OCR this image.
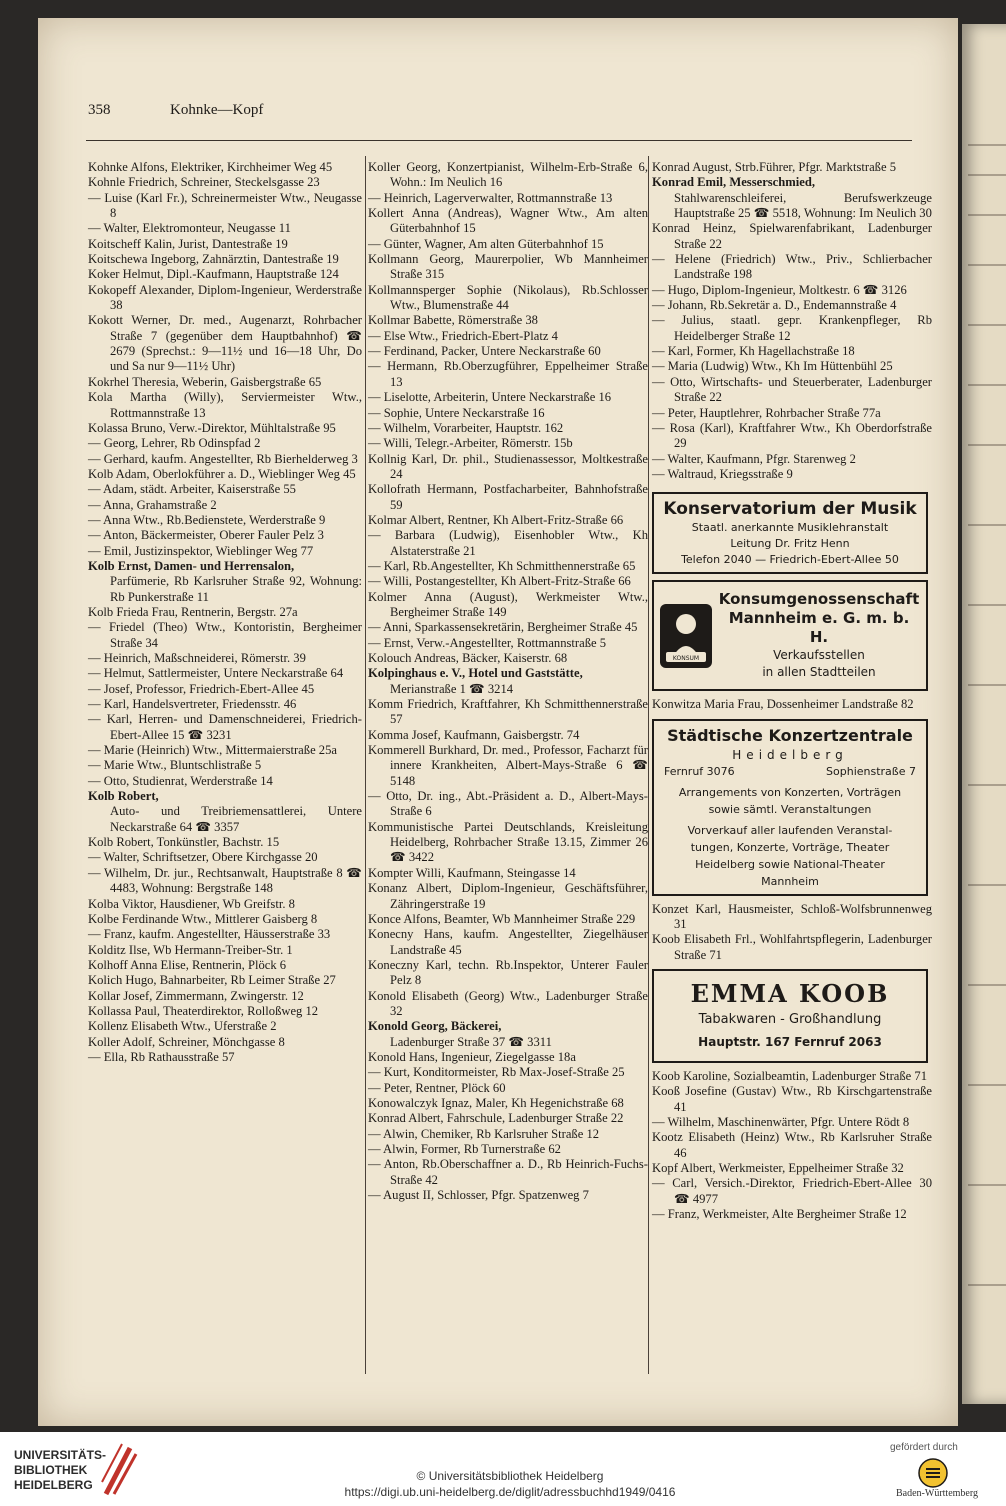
358	Kohnke—Kopf
Kohnke Alfons, Elektriker, Kirchheimer Weg 45
Kohnle Friedrich, Schreiner, Steckelsgasse 23
— Luise (Karl Fr.), Schreinermeister Wtw., Neugasse 8
— Walter, Elektromonteur, Neugasse 11
Koitscheff Kalin, Jurist, Dantestraße 19
Koitschewa Ingeborg, Zahnärztin, Dantestraße 19
Koker Helmut, Dipl.-Kaufmann, Hauptstraße 124
Kokopeff Alexander, Diplom-Ingenieur, Werderstraße 38
Kokott Werner, Dr. med., Augenarzt, Rohrbacher Straße 7 (gegenüber dem Hauptbahnhof) ☎ 2679 (Sprechst.: 9—11½ und 16—18 Uhr, Do und Sa nur 9—11½ Uhr)
Kokrhel Theresia, Weberin, Gaisbergstraße 65
Kola Martha (Willy), Serviermeister Wtw., Rottmannstraße 13
Kolassa Bruno, Verw.-Direktor, Mühltalstraße 95
— Georg, Lehrer, Rb Odinspfad 2
— Gerhard, kaufm. Angestellter, Rb Bierhelderweg 3
Kolb Adam, Oberlokführer a. D., Wieblinger Weg 45
— Adam, städt. Arbeiter, Kaiserstraße 55
— Anna, Grahamstraße 2
— Anna Wtw., Rb.Bedienstete, Werderstraße 9
— Anton, Bäckermeister, Oberer Fauler Pelz 3
— Emil, Justizinspektor, Wieblinger Weg 77
Kolb Ernst, Damen- und Herrensalon,
Parfümerie, Rb Karlsruher Straße 92, Wohnung: Rb Punkerstraße 11
Kolb Frieda Frau, Rentnerin, Bergstr. 27a
— Friedel (Theo) Wtw., Kontoristin, Bergheimer Straße 34
— Heinrich, Maßschneiderei, Römerstr. 39
— Helmut, Sattlermeister, Untere Neckarstraße 64
— Josef, Professor, Friedrich-Ebert-Allee 45
— Karl, Handelsvertreter, Friedensstr. 46
— Karl, Herren- und Damenschneiderei, Friedrich-Ebert-Allee 15 ☎ 3231
— Marie (Heinrich) Wtw., Mittermaierstraße 25a
— Marie Wtw., Bluntschlistraße 5
— Otto, Studienrat, Werderstraße 14
Kolb Robert,
Auto- und Treibriemensattlerei, Untere Neckarstraße 64 ☎ 3357
Kolb Robert, Tonkünstler, Bachstr. 15
— Walter, Schriftsetzer, Obere Kirchgasse 20
— Wilhelm, Dr. jur., Rechtsanwalt, Hauptstraße 8 ☎ 4483, Wohnung: Bergstraße 148
Kolba Viktor, Hausdiener, Wb Greifstr. 8
Kolbe Ferdinande Wtw., Mittlerer Gaisberg 8
— Franz, kaufm. Angestellter, Häusserstraße 33
Kolditz Ilse, Wb Hermann-Treiber-Str. 1
Kolhoff Anna Elise, Rentnerin, Plöck 6
Kolich Hugo, Bahnarbeiter, Rb Leimer Straße 27
Kollar Josef, Zimmermann, Zwingerstr. 12
Kollassa Paul, Theaterdirektor, Rolloßweg 12
Kollenz Elisabeth Wtw., Uferstraße 2
Koller Adolf, Schreiner, Mönchgasse 8
— Ella, Rb Rathausstraße 57
Koller Georg, Konzertpianist, Wilhelm-Erb-Straße 6, Wohn.: Im Neulich 16
— Heinrich, Lagerverwalter, Rottmannstraße 13
Kollert Anna (Andreas), Wagner Wtw., Am alten Güterbahnhof 15
— Günter, Wagner, Am alten Güterbahnhof 15
Kollmann Georg, Maurerpolier, Wb Mannheimer Straße 315
Kollmannsperger Sophie (Nikolaus), Rb.Schlosser Wtw., Blumenstraße 44
Kollmar Babette, Römerstraße 38
— Else Wtw., Friedrich-Ebert-Platz 4
— Ferdinand, Packer, Untere Neckarstraße 60
— Hermann, Rb.Oberzugführer, Eppelheimer Straße 13
— Liselotte, Arbeiterin, Untere Neckarstraße 16
— Sophie, Untere Neckarstraße 16
— Wilhelm, Vorarbeiter, Hauptstr. 162
— Willi, Telegr.-Arbeiter, Römerstr. 15b
Kollnig Karl, Dr. phil., Studienassessor, Moltkestraße 24
Kollofrath Hermann, Postfacharbeiter, Bahnhofstraße 59
Kolmar Albert, Rentner, Kh Albert-Fritz-Straße 66
— Barbara (Ludwig), Eisenhobler Wtw., Kh Alstaterstraße 21
— Karl, Rb.Angestellter, Kh Schmitthennerstraße 65
— Willi, Postangestellter, Kh Albert-Fritz-Straße 66
Kolmer Anna (August), Werkmeister Wtw., Bergheimer Straße 149
— Anni, Sparkassensekretärin, Bergheimer Straße 45
— Ernst, Verw.-Angestellter, Rottmannstraße 5
Kolouch Andreas, Bäcker, Kaiserstr. 68
Kolpinghaus e. V., Hotel und Gaststätte,
Merianstraße 1 ☎ 3214
Komm Friedrich, Kraftfahrer, Kh Schmitthennerstraße 57
Komma Josef, Kaufmann, Gaisbergstr. 74
Kommerell Burkhard, Dr. med., Professor, Facharzt für innere Krankheiten, Albert-Mays-Straße 6 ☎ 5148
— Otto, Dr. ing., Abt.-Präsident a. D., Albert-Mays-Straße 6
Kommunistische Partei Deutschlands, Kreisleitung Heidelberg, Rohrbacher Straße 13.15, Zimmer 26 ☎ 3422
Kompter Willi, Kaufmann, Steingasse 14
Konanz Albert, Diplom-Ingenieur, Geschäftsführer, Zähringerstraße 19
Konce Alfons, Beamter, Wb Mannheimer Straße 229
Konecny Hans, kaufm. Angestellter, Ziegelhäuser Landstraße 45
Koneczny Karl, techn. Rb.Inspektor, Unterer Fauler Pelz 8
Konold Elisabeth (Georg) Wtw., Ladenburger Straße 32
Konold Georg, Bäckerei,
Ladenburger Straße 37 ☎ 3311
Konold Hans, Ingenieur, Ziegelgasse 18a
— Kurt, Konditormeister, Rb Max-Josef-Straße 25
— Peter, Rentner, Plöck 60
Konowalczyk Ignaz, Maler, Kh Hegenichstraße 68
Konrad Albert, Fahrschule, Ladenburger Straße 22
— Alwin, Chemiker, Rb Karlsruher Straße 12
— Alwin, Former, Rb Turnerstraße 62
— Anton, Rb.Oberschaffner a. D., Rb Heinrich-Fuchs-Straße 42
— August II, Schlosser, Pfgr. Spatzenweg 7
Konrad August, Strb.Führer, Pfgr. Marktstraße 5
Konrad Emil, Messerschmied,
Stahlwarenschleiferei, Berufswerkzeuge Hauptstraße 25 ☎ 5518, Wohnung: Im Neulich 30
Konrad Heinz, Spielwarenfabrikant, Ladenburger Straße 22
— Helene (Friedrich) Wtw., Priv., Schlierbacher Landstraße 198
— Hugo, Diplom-Ingenieur, Moltkestr. 6 ☎ 3126
— Johann, Rb.Sekretär a. D., Endemannstraße 4
— Julius, staatl. gepr. Krankenpfleger, Rb Heidelberger Straße 12
— Karl, Former, Kh Hagellachstraße 18
— Maria (Ludwig) Wtw., Kh Im Hüttenbühl 25
— Otto, Wirtschafts- und Steuerberater, Ladenburger Straße 22
— Peter, Hauptlehrer, Rohrbacher Straße 77a
— Rosa (Karl), Kraftfahrer Wtw., Kh Oberdorfstraße 29
— Walter, Kaufmann, Pfgr. Starenweg 2
— Waltraud, Kriegsstraße 9
Konservatorium der Musik
Staatl. anerkannte Musiklehranstalt
Leitung Dr. Fritz Henn
Telefon 2040 — Friedrich-Ebert-Allee 50
KONSUM
Konsumgenossenschaft
Mannheim e. G. m. b. H.
Verkaufsstellen
in allen Stadtteilen
Konwitza Maria Frau, Dossenheimer Landstraße 82
Städtische Konzertzentrale
Heidelberg
Fernruf 3076	Sophienstraße 7
Arrangements von Konzerten, Vorträgen
sowie sämtl. Veranstaltungen
Vorverkauf aller laufenden Veranstal-
tungen, Konzerte, Vorträge, Theater
Heidelberg sowie National-Theater
Mannheim
Konzet Karl, Hausmeister, Schloß-Wolfsbrunnenweg 31
Koob Elisabeth Frl., Wohlfahrtspflegerin, Ladenburger Straße 71
EMMA KOOB
Tabakwaren - Großhandlung
Hauptstr. 167 Fernruf 2063
Koob Karoline, Sozialbeamtin, Ladenburger Straße 71
Kooß Josefine (Gustav) Wtw., Rb Kirschgartenstraße 41
— Wilhelm, Maschinenwärter, Pfgr. Untere Rödt 8
Kootz Elisabeth (Heinz) Wtw., Rb Karlsruher Straße 46
Kopf Albert, Werkmeister, Eppelheimer Straße 32
— Carl, Versich.-Direktor, Friedrich-Ebert-Allee 30 ☎ 4977
— Franz, Werkmeister, Alte Bergheimer Straße 12
UNIVERSITÄTS-
BIBLIOTHEK
HEIDELBERG
© Universitätsbibliothek Heidelberg
https://digi.ub.uni-heidelberg.de/diglit/adressbuchhd1949/0416
gefördert durch
Baden-Württemberg
